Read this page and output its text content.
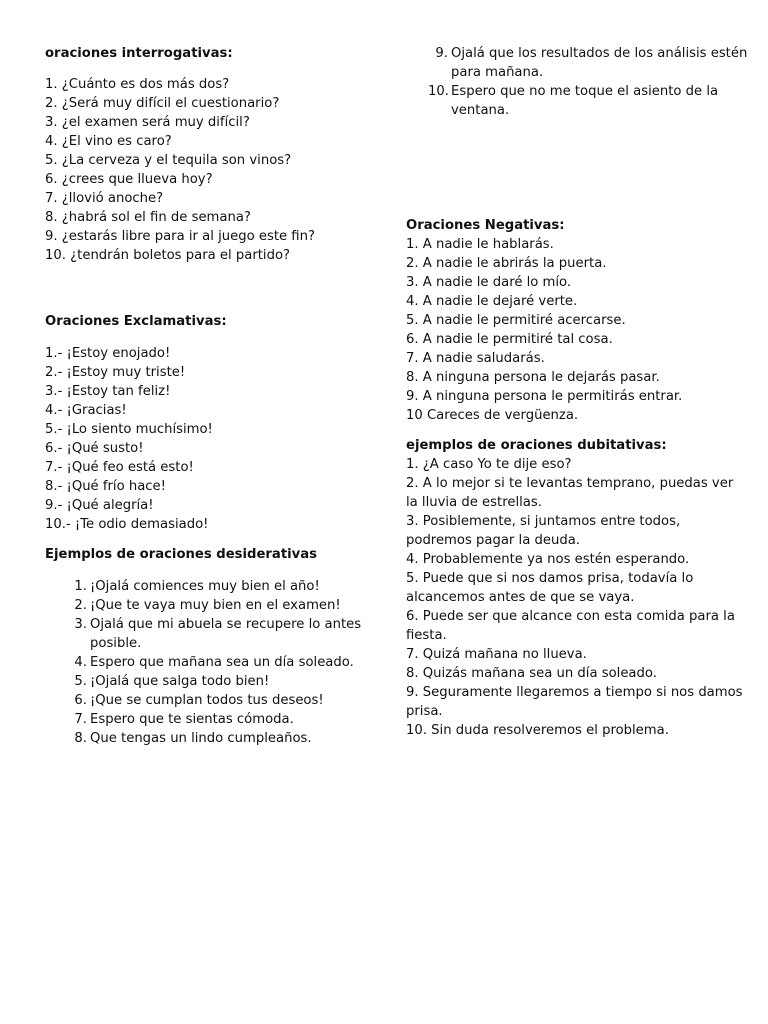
oraciones interrogativas:

1. ¿Cuánto es dos más dos?
2. ¿Será muy difícil el cuestionario?
3. ¿el examen será muy difícil?
4. ¿El vino es caro?
5. ¿La cerveza y el tequila son vinos?
6. ¿crees que llueva hoy?
7. ¿llovió anoche?
8. ¿habrá sol el fin de semana?
9. ¿estarás libre para ir al juego este fin?
10. ¿tendrán boletos para el partido?

Oraciones Exclamativas:

1.- ¡Estoy enojado!
2.- ¡Estoy muy triste!
3.- ¡Estoy tan feliz!
4.- ¡Gracias!
5.- ¡Lo siento muchísimo!
6.- ¡Qué susto!
7.- ¡Qué feo está esto!
8.- ¡Qué frío hace!
9.- ¡Qué alegría!
10.- ¡Te odio demasiado!

Ejemplos de oraciones desiderativas

1. ¡Ojalá comiences muy bien el año!
2. ¡Que te vaya muy bien en el examen!
3. Ojalá que mi abuela se recupere lo antes posible.
4. Espero que mañana sea un día soleado.
5. ¡Ojalá que salga todo bien!
6. ¡Que se cumplan todos tus deseos!
7. Espero que te sientas cómoda.
8. Que tengas un lindo cumpleaños.
9. Ojalá que los resultados de los análisis estén para mañana.
10. Espero que no me toque el asiento de la ventana.

Oraciones Negativas:

1. A nadie le hablarás.
2. A nadie le abrirás la puerta.
3. A nadie le daré lo mío.
4. A nadie le dejaré verte.
5. A nadie le permitiré acercarse.
6. A nadie le permitiré tal cosa.
7. A nadie saludarás.
8. A ninguna persona le dejarás pasar.
9. A ninguna persona le permitirás entrar.
10 Careces de vergüenza.

ejemplos de oraciones dubitativas:

1. ¿A caso Yo te dije eso?
2. A lo mejor si te levantas temprano, puedas ver la lluvia de estrellas.
3. Posiblemente, si juntamos entre todos, podremos pagar la deuda.
4. Probablemente ya nos estén esperando.
5. Puede que si nos damos prisa, todavía lo alcancemos antes de que se vaya.
6. Puede ser que alcance con esta comida para la fiesta.
7. Quizá mañana no llueva.
8. Quizás mañana sea un día soleado.
9. Seguramente llegaremos a tiempo si nos damos prisa.
10. Sin duda resolveremos el problema.
